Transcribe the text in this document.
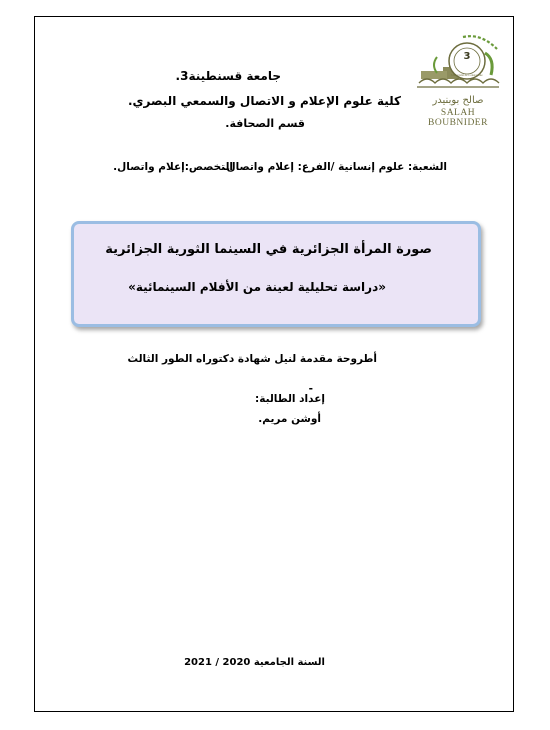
صالح بوبنيدر
SALAH BOUBNIDER
3
Université de Constantine
جامعة قسنطينة3.
كلية علوم الإعلام و الاتصال والسمعي البصري.
قسم الصحافة.
الشعبة: علوم إنسانية /الفرع: إعلام واتصال.
التخصص:إعلام واتصال.
صورة المرأة الجزائرية في السينما الثورية الجزائرية
«دراسة تحليلية لعينة من الأفلام السينمائية»
أطروحة مقدمة لنيل شهادة دكتوراه الطور الثالث
-
إعداد الطالبة:
أوشن مريم.
السنة الجامعية 2020 / 2021
